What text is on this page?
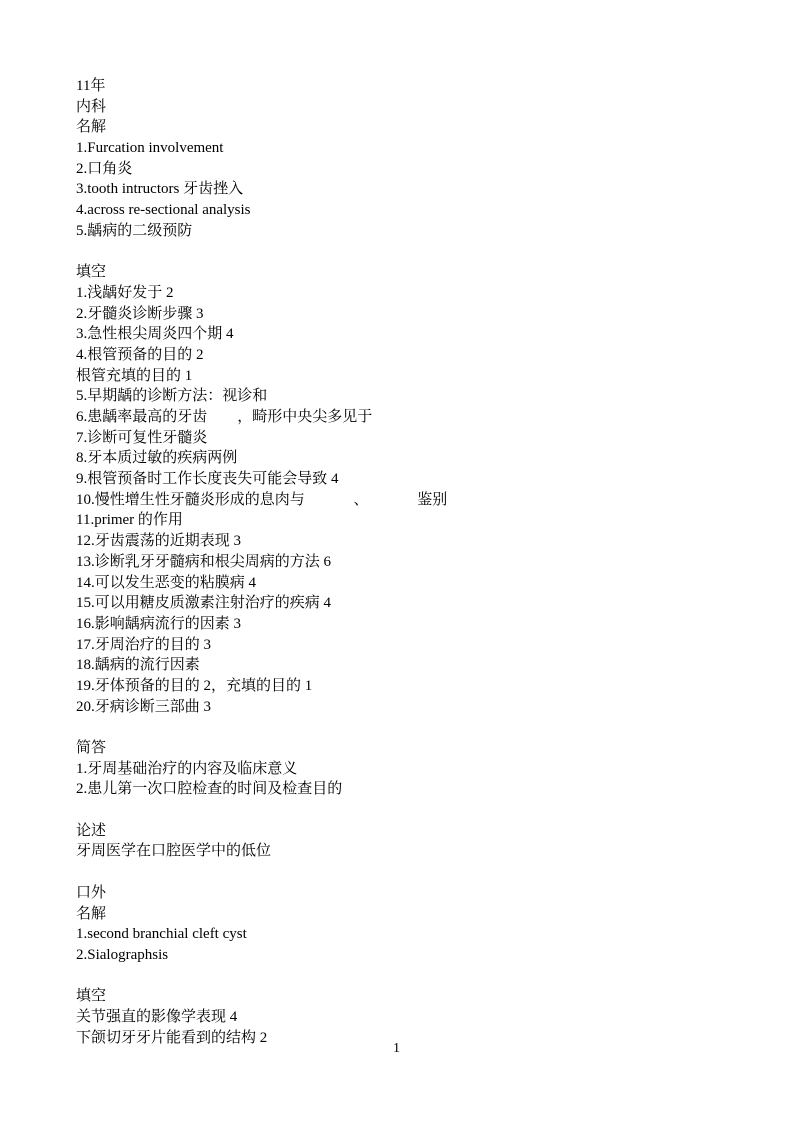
11年
内科
名解
1.Furcation involvement
2.口角炎
3.tooth intructors 牙齿挫入
4.across re-sectional analysis
5.龋病的二级预防
填空
1.浅龋好发于 2
2.牙髓炎诊断步骤 3
3.急性根尖周炎四个期 4
4.根管预备的目的 2
根管充填的目的 1
5.早期龋的诊断方法：视诊和
6.患龋率最高的牙齿        ，畸形中央尖多见于
7.诊断可复性牙髓炎
8.牙本质过敏的疾病两例
9.根管预备时工作长度丧失可能会导致 4
10.慢性增生性牙髓炎形成的息肉与             、             鉴别
11.primer 的作用
12.牙齿震荡的近期表现 3
13.诊断乳牙牙髓病和根尖周病的方法 6
14.可以发生恶变的粘膜病 4
15.可以用糖皮质激素注射治疗的疾病 4
16.影响龋病流行的因素 3
17.牙周治疗的目的 3
18.龋病的流行因素
19.牙体预备的目的 2，充填的目的 1
20.牙病诊断三部曲 3
简答
1.牙周基础治疗的内容及临床意义
2.患儿第一次口腔检查的时间及检查目的
论述
牙周医学在口腔医学中的低位
口外
名解
1.second branchial cleft cyst
2.Sialographsis
填空
关节强直的影像学表现 4
下颌切牙牙片能看到的结构 2
1
